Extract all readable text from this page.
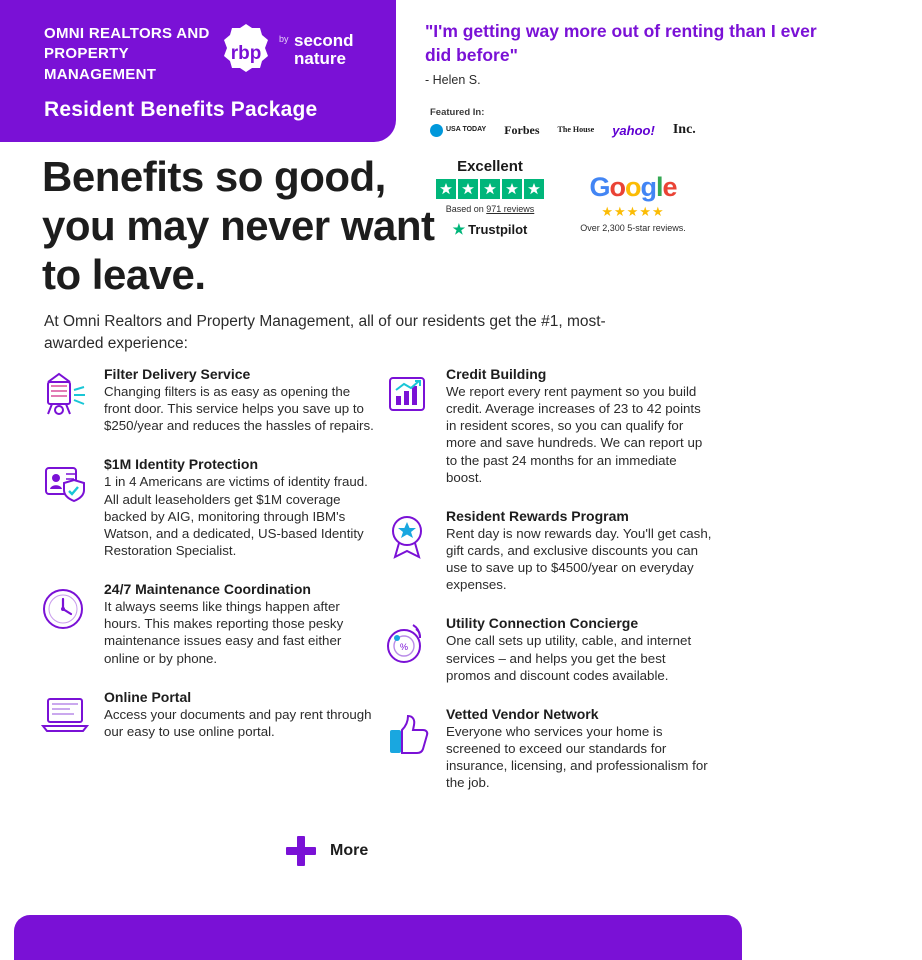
OMNI REALTORS AND PROPERTY MANAGEMENT
rbp
by second
nature
Resident Benefits Package
"I'm getting way more out of renting than I ever did before"
- Helen S.
Featured In:
USA TODAY Forbes The House yahoo! Inc.
Excellent
Based on 971 reviews
★ Trustpilot
Google
★★★★★
Over 2,300 5-star reviews.
Benefits so good, you may never want to leave.
At Omni Realtors and Property Management, all of our residents get the #1, most-awarded experience:
Filter Delivery Service
Changing filters is as easy as opening the front door. This service helps you save up to $250/year and reduces the hassles of repairs.
$1M Identity Protection
1 in 4 Americans are victims of identity fraud. All adult leaseholders get $1M coverage backed by AIG, monitoring through IBM's Watson, and a dedicated, US-based Identity Restoration Specialist.
24/7 Maintenance Coordination
It always seems like things happen after hours. This makes reporting those pesky maintenance issues easy and fast either online or by phone.
Online Portal
Access your documents and pay rent through our easy to use online portal.
Credit Building
We report every rent payment so you build credit. Average increases of 23 to 42 points in resident scores, so you can qualify for more and save hundreds. We can report up to the past 24 months for an immediate boost.
Resident Rewards Program
Rent day is now rewards day. You'll get cash, gift cards, and exclusive discounts you can use to save up to $4500/year on everyday expenses.
%
Utility Connection Concierge
One call sets up utility, cable, and internet services – and helps you get the best promos and discount codes available.
Vetted Vendor Network
Everyone who services your home is screened to exceed our standards for insurance, licensing, and professionalism for the job.
More
